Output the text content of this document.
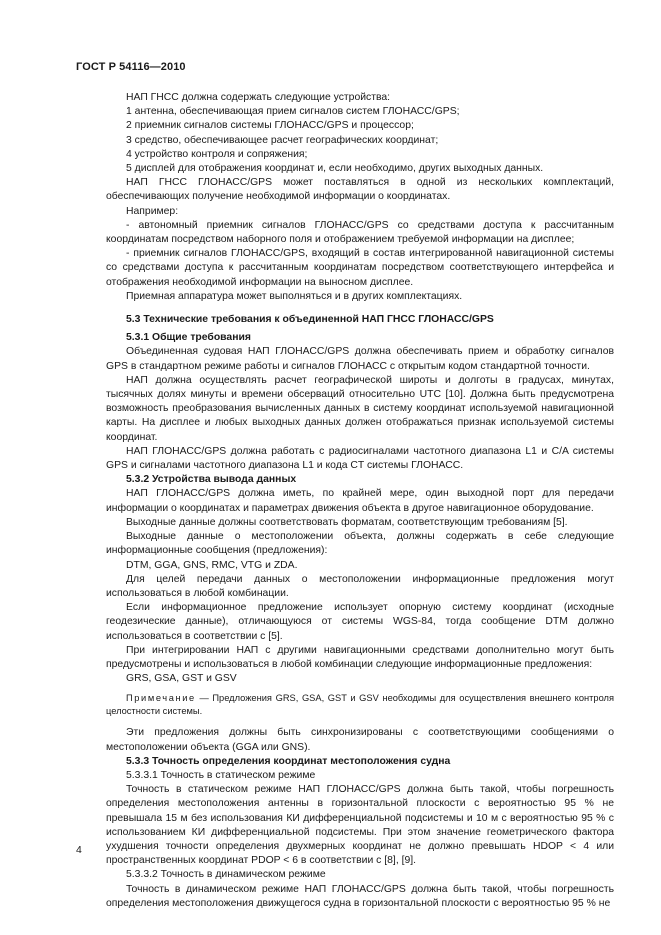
ГОСТ Р 54116—2010

НАП ГНСС должна содержать следующие устройства:

1 антенна, обеспечивающая прием сигналов систем ГЛОНАСС/GPS;

2 приемник сигналов системы ГЛОНАСС/GPS и процессор;

3 средство, обеспечивающее расчет географических координат;

4 устройство контроля и сопряжения;

5 дисплей для отображения координат и, если необходимо, других выходных данных.

НАП ГНСС ГЛОНАСС/GPS может поставляться в одной из нескольких комплектаций, обеспечивающих получение необходимой информации о координатах.

Например:

- автономный приемник сигналов ГЛОНАСС/GPS со средствами доступа к рассчитанным координатам посредством наборного поля и отображением требуемой информации на дисплее;

- приемник сигналов ГЛОНАСС/GPS, входящий в состав интегрированной навигационной системы со средствами доступа к рассчитанным координатам посредством соответствующего интерфейса и отображения необходимой информации на выносном дисплее.

Приемная аппаратура может выполняться и в других комплектациях.

5.3 Технические требования к объединенной НАП ГНСС ГЛОНАСС/GPS

5.3.1 Общие требования

Объединенная судовая НАП ГЛОНАСС/GPS должна обеспечивать прием и обработку сигналов GPS в стандартном режиме работы и сигналов ГЛОНАСС с открытым кодом стандартной точности.

НАП должна осуществлять расчет географической широты и долготы в градусах, минутах, тысячных долях минуты и времени обсерваций относительно UTC [10]. Должна быть предусмотрена возможность преобразования вычисленных данных в систему координат используемой навигационной карты. На дисплее и любых выходных данных должен отображаться признак используемой системы координат.

НАП ГЛОНАСС/GPS должна работать с радиосигналами частотного диапазона L1 и C/A системы GPS и сигналами частотного диапазона L1 и кода CT системы ГЛОНАСС.

5.3.2 Устройства вывода данных

НАП ГЛОНАСС/GPS должна иметь, по крайней мере, один выходной порт для передачи информации о координатах и параметрах движения объекта в другое навигационное оборудование.

Выходные данные должны соответствовать форматам, соответствующим требованиям [5].

Выходные данные о местоположении объекта, должны содержать в себе следующие информационные сообщения (предложения):

DTM, GGA, GNS, RMC, VTG и ZDA.

Для целей передачи данных о местоположении информационные предложения могут использоваться в любой комбинации.

Если информационное предложение использует опорную систему координат (исходные геодезические данные), отличающуюся от системы WGS-84, тогда сообщение DTM должно использоваться в соответствии с [5].

При интегрировании НАП с другими навигационными средствами дополнительно могут быть предусмотрены и использоваться в любой комбинации следующие информационные предложения:

GRS, GSA, GST и GSV

Примечание — Предложения GRS, GSA, GST и GSV необходимы для осуществления внешнего контроля целостности системы.

Эти предложения должны быть синхронизированы с соответствующими сообщениями о местоположении объекта (GGA или GNS).

5.3.3 Точность определения координат местоположения судна

5.3.3.1 Точность в статическом режиме

Точность в статическом режиме НАП ГЛОНАСС/GPS должна быть такой, чтобы погрешность определения местоположения антенны в горизонтальной плоскости с вероятностью 95 % не превышала 15 м без использования КИ дифференциальной подсистемы и 10 м с вероятностью 95 % с использованием КИ дифференциальной подсистемы. При этом значение геометрического фактора ухудшения точности определения двухмерных координат не должно превышать HDOP < 4 или пространственных координат PDOP < 6 в соответствии с [8], [9].

5.3.3.2 Точность в динамическом режиме

Точность в динамическом режиме НАП ГЛОНАСС/GPS должна быть такой, чтобы погрешность определения местоположения движущегося судна в горизонтальной плоскости с вероятностью 95 % не

4
